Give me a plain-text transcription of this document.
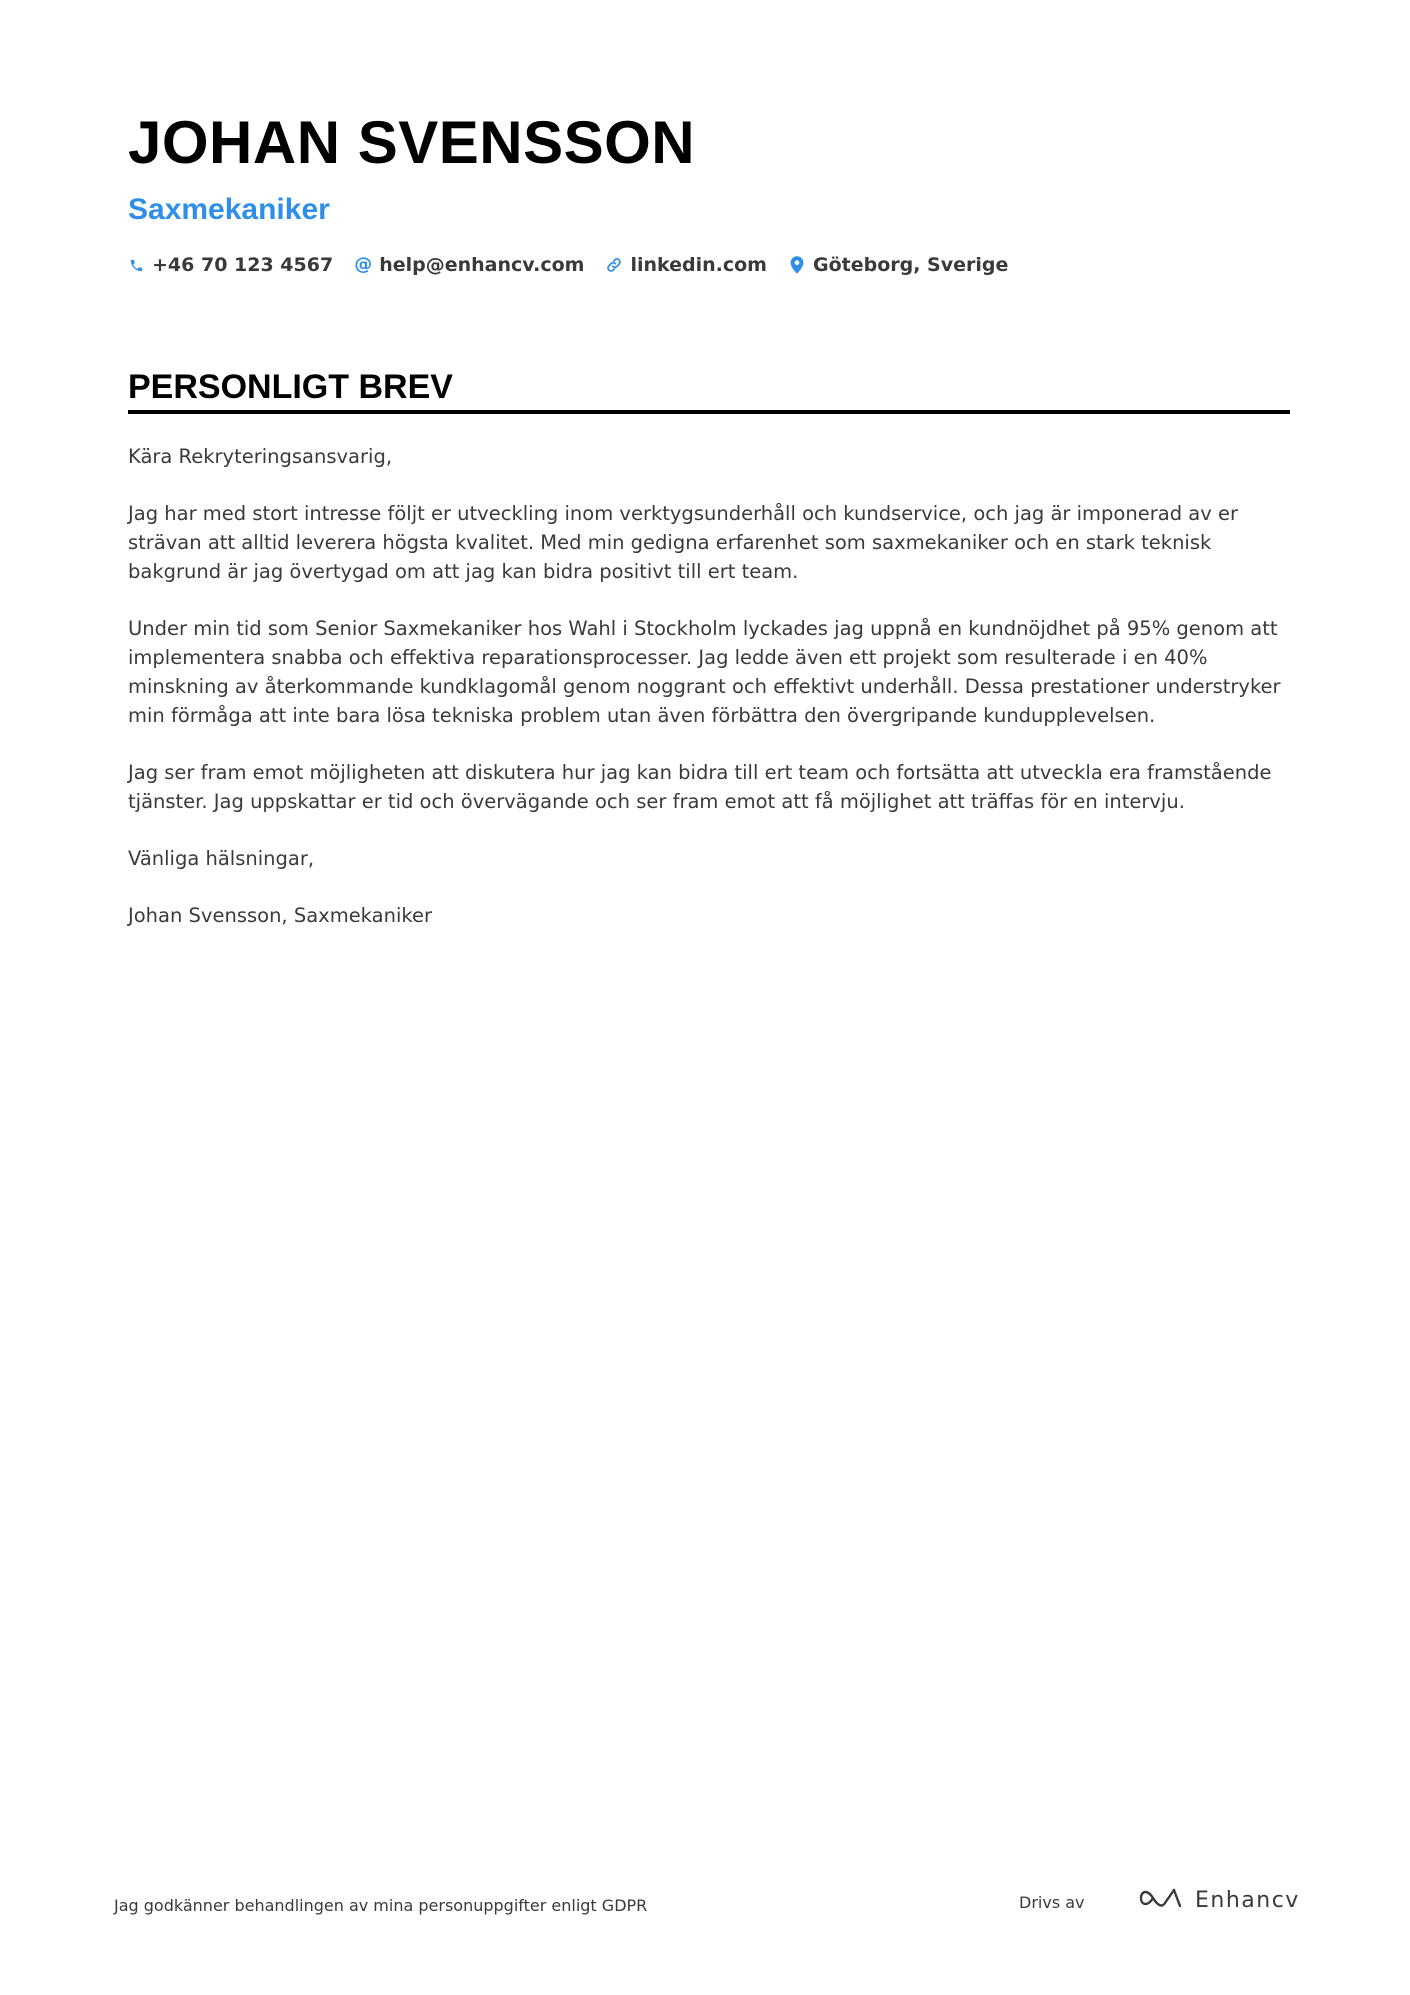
JOHAN SVENSSON
Saxmekaniker
+46 70 123 4567 @ help@enhancv.com linkedin.com Göteborg, Sverige
PERSONLIGT BREV

Kära Rekryteringsansvarig,

Jag har med stort intresse följt er utveckling inom verktygsunderhåll och kundservice, och jag är imponerad av er strävan att alltid leverera högsta kvalitet. Med min gedigna erfarenhet som saxmekaniker och en stark teknisk bakgrund är jag övertygad om att jag kan bidra positivt till ert team.

Under min tid som Senior Saxmekaniker hos Wahl i Stockholm lyckades jag uppnå en kundnöjdhet på 95% genom att implementera snabba och effektiva reparationsprocesser. Jag ledde även ett projekt som resulterade i en 40% minskning av återkommande kundklagomål genom noggrant och effektivt underhåll. Dessa prestationer understryker min förmåga att inte bara lösa tekniska problem utan även förbättra den övergripande kundupplevelsen.

Jag ser fram emot möjligheten att diskutera hur jag kan bidra till ert team och fortsätta att utveckla era framstående tjänster. Jag uppskattar er tid och övervägande och ser fram emot att få möjlighet att träffas för en intervju.

Vänliga hälsningar,

Johan Svensson, Saxmekaniker

Jag godkänner behandlingen av mina personuppgifter enligt GDPR	Drivs av	Enhancv
